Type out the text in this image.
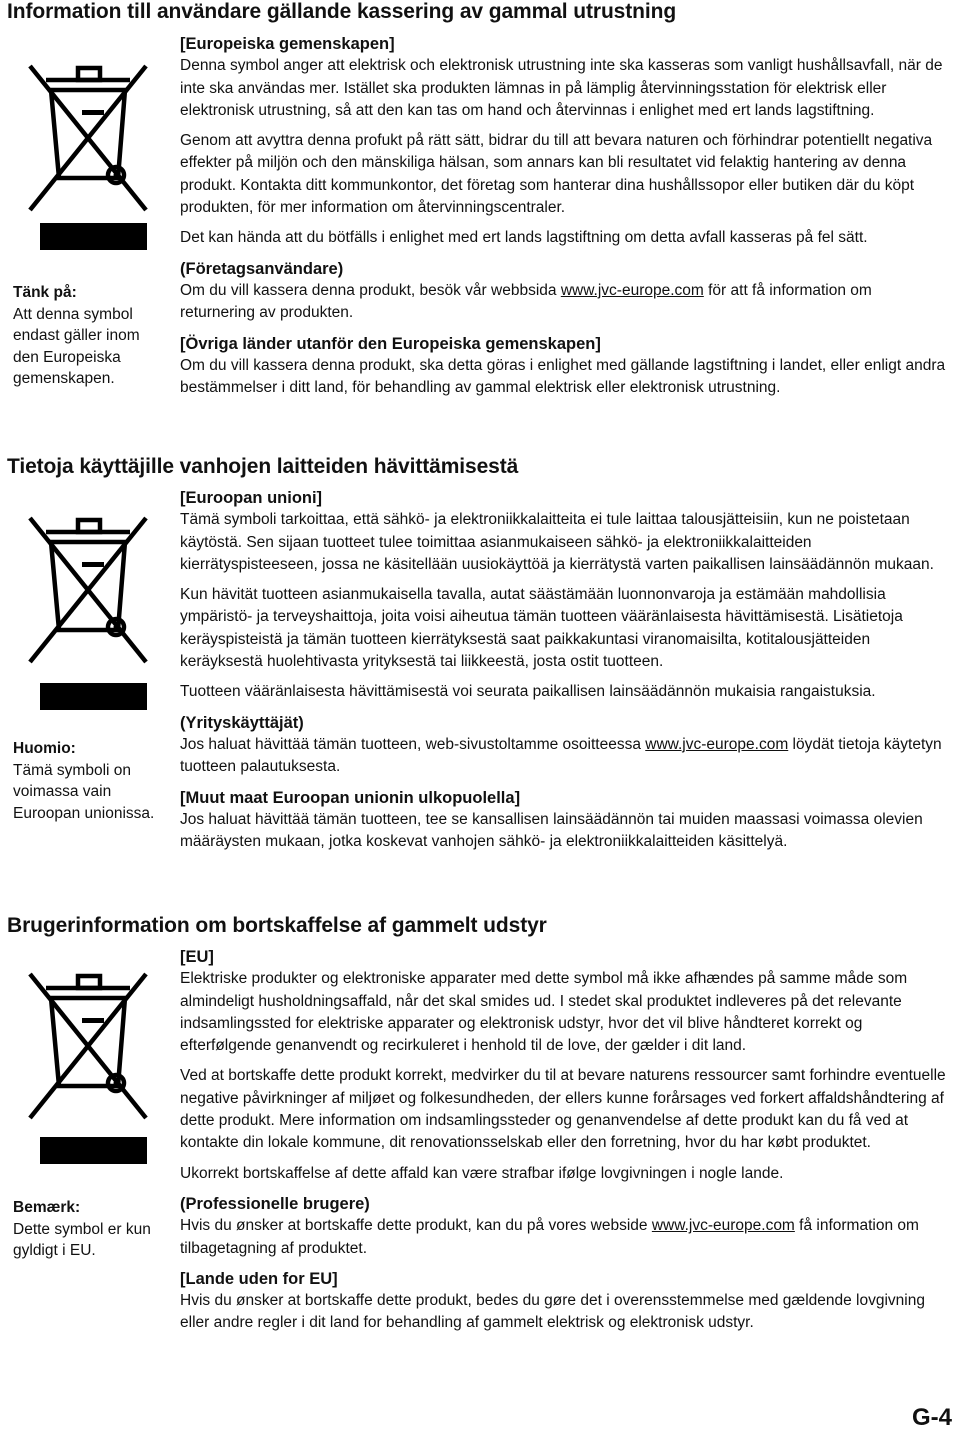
Information till användare gällande kassering av gammal utrustning
Tänk på:
Att denna symbol endast gäller inom den Europeiska gemenskapen.

[Europeiska gemenskapen]

Denna symbol anger att elektrisk och elektronisk utrustning inte ska kasseras som vanligt hushållsavfall, när de inte ska användas mer. Istället ska produkten lämnas in på lämplig återvinningsstation för elektrisk eller elektronisk utrustning, så att den kan tas om hand och återvinnas i enlighet med ert lands lagstiftning.

Genom att avyttra denna profukt på rätt sätt, bidrar du till att bevara naturen och förhindrar potentiellt negativa effekter på miljön och den mänskiliga hälsan, som annars kan bli resultatet vid felaktig hantering av denna produkt. Kontakta ditt kommunkontor, det företag som hanterar dina hushållssopor eller butiken där du köpt produkten, för mer information om återvinningscentraler.

Det kan hända att du bötfälls i enlighet med ert lands lagstiftning om detta avfall kasseras på fel sätt.

(Företagsanvändare)

Om du vill kassera denna produkt, besök vår webbsida www.jvc-europe.com för att få information om returnering av produkten.

[Övriga länder utanför den Europeiska gemenskapen]

Om du vill kassera denna produkt, ska detta göras i enlighet med gällande lagstiftning i landet, eller enligt andra bestämmelser i ditt land, för behandling av gammal elektrisk eller elektronisk utrustning.

Tietoja käyttäjille vanhojen laitteiden hävittämisestä
Huomio:
Tämä symboli on voimassa vain Euroopan unionissa.

[Euroopan unioni]

Tämä symboli tarkoittaa, että sähkö- ja elektroniikkalaitteita ei tule laittaa talousjätteisiin, kun ne poistetaan käytöstä. Sen sijaan tuotteet tulee toimittaa asianmukaiseen sähkö- ja elektroniikkalaitteiden kierrätyspisteeseen, jossa ne käsitellään uusiokäyttöä ja kierrätystä varten paikallisen lainsäädännön mukaan.

Kun hävität tuotteen asianmukaisella tavalla, autat säästämään luonnonvaroja ja estämään mahdollisia ympäristö- ja terveyshaittoja, joita voisi aiheutua tämän tuotteen vääränlaisesta hävittämisestä. Lisätietoja keräyspisteistä ja tämän tuotteen kierrätyksestä saat paikkakuntasi viranomaisilta, kotitalousjätteiden keräyksestä huolehtivasta yrityksestä tai liikkeestä, josta ostit tuotteen.

Tuotteen vääränlaisesta hävittämisestä voi seurata paikallisen lainsäädännön mukaisia rangaistuksia.

(Yrityskäyttäjät)

Jos haluat hävittää tämän tuotteen, web-sivustoltamme osoitteessa www.jvc-europe.com löydät tietoja käytetyn tuotteen palautuksesta.

[Muut maat Euroopan unionin ulkopuolella]

Jos haluat hävittää tämän tuotteen, tee se kansallisen lainsäädännön tai muiden maassasi voimassa olevien määräysten mukaan, jotka koskevat vanhojen sähkö- ja elektroniikkalaitteiden käsittelyä.

Brugerinformation om bortskaffelse af gammelt udstyr
Bemærk:
Dette symbol er kun gyldigt i EU.

[EU]

Elektriske produkter og elektroniske apparater med dette symbol må ikke afhændes på samme måde som almindeligt husholdningsaffald, når det skal smides ud. I stedet skal produktet indleveres på det relevante indsamlingssted for elektriske apparater og elektronisk udstyr, hvor det vil blive håndteret korrekt og efterfølgende genanvendt og recirkuleret i henhold til de love, der gælder i dit land.

Ved at bortskaffe dette produkt korrekt, medvirker du til at bevare naturens ressourcer samt forhindre eventuelle negative påvirkninger af miljøet og folkesundheden, der ellers kunne forårsages ved forkert affaldshåndtering af dette produkt. Mere information om indsamlingssteder og genanvendelse af dette produkt kan du få ved at kontakte din lokale kommune, dit renovationsselskab eller den forretning, hvor du har købt produktet.

Ukorrekt bortskaffelse af dette affald kan være strafbar ifølge lovgivningen i nogle lande.

(Professionelle brugere)

Hvis du ønsker at bortskaffe dette produkt, kan du på vores webside www.jvc-europe.com få information om tilbagetagning af produktet.

[Lande uden for EU]

Hvis du ønsker at bortskaffe dette produkt, bedes du gøre det i overensstemmelse med gældende lovgivning eller andre regler i dit land for behandling af gammelt elektrisk og elektronisk udstyr.

G-4
